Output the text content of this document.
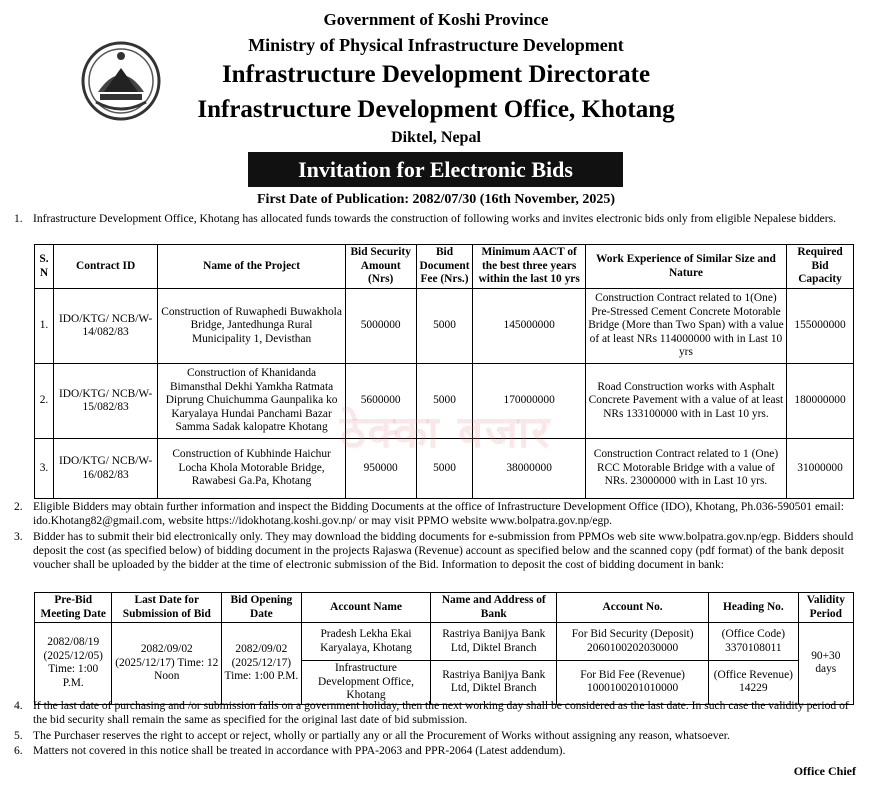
Government of Koshi Province
Ministry of Physical Infrastructure Development
Infrastructure Development Directorate
Infrastructure Development Office, Khotang
Diktel, Nepal
Invitation for Electronic Bids
First Date of Publication: 2082/07/30 (16th November, 2025)
1. Infrastructure Development Office, Khotang has allocated funds towards the construction of following works and invites electronic bids only from eligible Nepalese bidders.
S. N	Contract ID	Name of the Project	Bid Security Amount (Nrs)	Bid Document Fee (Nrs.)	Minimum AACT of the best three years within the last 10 yrs	Work Experience of Similar Size and Nature	Required Bid Capacity
1.	IDO/KTG/ NCB/W-14/082/83	Construction of Ruwaphedi Buwakhola Bridge, Jantedhunga Rural Municipality 1, Devisthan	5000000	5000	145000000	Construction Contract related to 1(One) Pre-Stressed Cement Concrete Motorable Bridge (More than Two Span) with a value of at least NRs 114000000 with in Last 10 yrs	155000000
2.	IDO/KTG/ NCB/W-15/082/83	Construction of Khanidanda Bimansthal Dekhi Yamkha Ratmata Diprung Chuichumma Gaunpalika ko Karyalaya Hundai Panchami Bazar Samma Sadak kalopatre Khotang	5600000	5000	170000000	Road Construction works with Asphalt Concrete Pavement with a value of at least NRs 133100000 with in Last 10 yrs.	180000000
3.	IDO/KTG/ NCB/W-16/082/83	Construction of Kubhinde Haichur Locha Khola Motorable Bridge, Rawabesi Ga.Pa, Khotang	950000	5000	38000000	Construction Contract related to 1 (One) RCC Motorable Bridge with a value of NRs. 23000000 with in Last 10 yrs.	31000000
ठेक्का बजार
2. Eligible Bidders may obtain further information and inspect the Bidding Documents at the office of Infrastructure Development Office (IDO), Khotang, Ph.036-590501 email: ido.Khotang82@gmail.com, website https://idokhotang.koshi.gov.np/ or may visit PPMO website www.bolpatra.gov.np/egp.
3. Bidder has to submit their bid electronically only. They may download the bidding documents for e-submission from PPMOs web site www.bolpatra.gov.np/egp. Bidders should deposit the cost (as specified below) of bidding document in the projects Rajaswa (Revenue) account as specified below and the scanned copy (pdf format) of the bank deposit voucher shall be uploaded by the bidder at the time of electronic submission of the Bid. Information to deposit the cost of bidding document in bank:
Pre-Bid Meeting Date	Last Date for Submission of Bid	Bid Opening Date	Account Name	Name and Address of Bank	Account No.	Heading No.	Validity Period
2082/08/19 (2025/12/05) Time: 1:00 P.M.	2082/09/02 (2025/12/17) Time: 12 Noon	2082/09/02 (2025/12/17) Time: 1:00 P.M.	Pradesh Lekha Ekai Karyalaya, Khotang	Rastriya Banijya Bank Ltd, Diktel Branch	For Bid Security (Deposit) 2060100202030000	(Office Code) 3370108011	90+30 days
			Infrastructure Development Office, Khotang	Rastriya Banijya Bank Ltd, Diktel Branch	For Bid Fee (Revenue) 1000100201010000	(Office Revenue) 14229	
4. If the last date of purchasing and /or submission falls on a government holiday, then the next working day shall be considered as the last date. In such case the validity period of the bid security shall remain the same as specified for the original last date of bid submission.
5. The Purchaser reserves the right to accept or reject, wholly or partially any or all the Procurement of Works without assigning any reason, whatsoever.
6. Matters not covered in this notice shall be treated in accordance with PPA-2063 and PPR-2064 (Latest addendum).
Office Chief
